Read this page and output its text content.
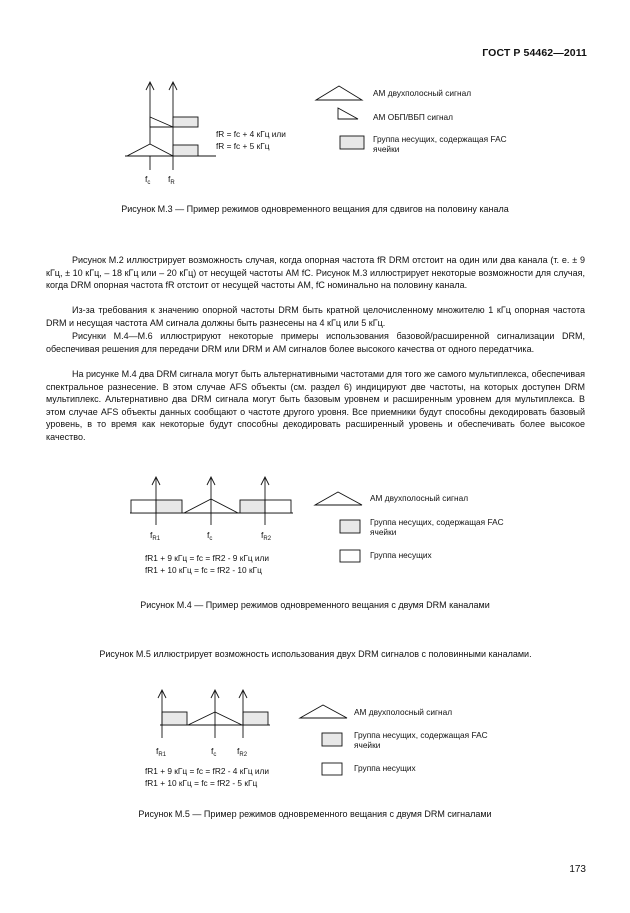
ГОСТ Р 54462—2011
$f_c$ $f_R$
fR = fc + 4 кГц или
fR = fc + 5 кГц
АМ двухполосный сигнал
АМ ОБП/ВБП сигнал
Группа несущих, содержащая FAC ячейки
Рисунок М.3 — Пример режимов одновременного вещания для сдвигов на половину канала

Рисунок М.2 иллюстрирует возможность случая, когда опорная частота fR DRM отстоит на один или два канала (т. е. ± 9 кГц, ± 10 кГц, – 18 кГц или – 20 кГц) от несущей частоты AM fC. Рисунок М.3 иллюстрирует некоторые возможности для случая, когда DRM опорная частота fR отстоит от несущей частоты AM, fC номинально на половину канала.

Из-за требования к значению опорной частоты DRM быть кратной целочисленному множителю 1 кГц опорная частота DRM и несущая частота AM сигнала должны быть разнесены на 4 кГц или 5 кГц.

Рисунки М.4—М.6 иллюстрируют некоторые примеры использования базовой/расширенной сигнализации DRM, обеспечивая решения для передачи DRM или DRM и AM сигналов более высокого качества от одного передатчика.

На рисунке М.4 два DRM сигнала могут быть альтернативными частотами для того же самого мультиплекса, обеспечивая спектральное разнесение. В этом случае AFS объекты (см. раздел 6) индицируют две частоты, на которых доступен DRM мультиплекс. Альтернативно два DRM сигнала могут быть базовым уровнем и расширенным уровнем для мультиплекса. В этом случае AFS объекты данных сообщают о частоте другого уровня. Все приемники будут способны декодировать базовый уровень, в то время как некоторые будут способны декодировать расширенный уровень и обеспечивать более высокое качество.

$f_{R1}$	$f_c$	$f_{R2}$
fR1 + 9 кГц = fc = fR2 - 9 кГц или
fR1 + 10 кГц = fc = fR2 - 10 кГц
АМ двухполосный сигнал
Группа несущих, содержащая FAC ячейки
Группа несущих
Рисунок М.4 — Пример режимов одновременного вещания с двумя DRM каналами

Рисунок М.5 иллюстрирует возможность использования двух DRM сигналов с половинными каналами.

$f_{R1}$	$f_c$ $f_{R2}$
fR1 + 9 кГц = fc = fR2 - 4 кГц или
fR1 + 10 кГц = fc = fR2 - 5 кГц
АМ двухполосный сигнал
Группа несущих, содержащая FAC ячейки
Группа несущих
Рисунок М.5 — Пример режимов одновременного вещания с двумя DRM сигналами
173
